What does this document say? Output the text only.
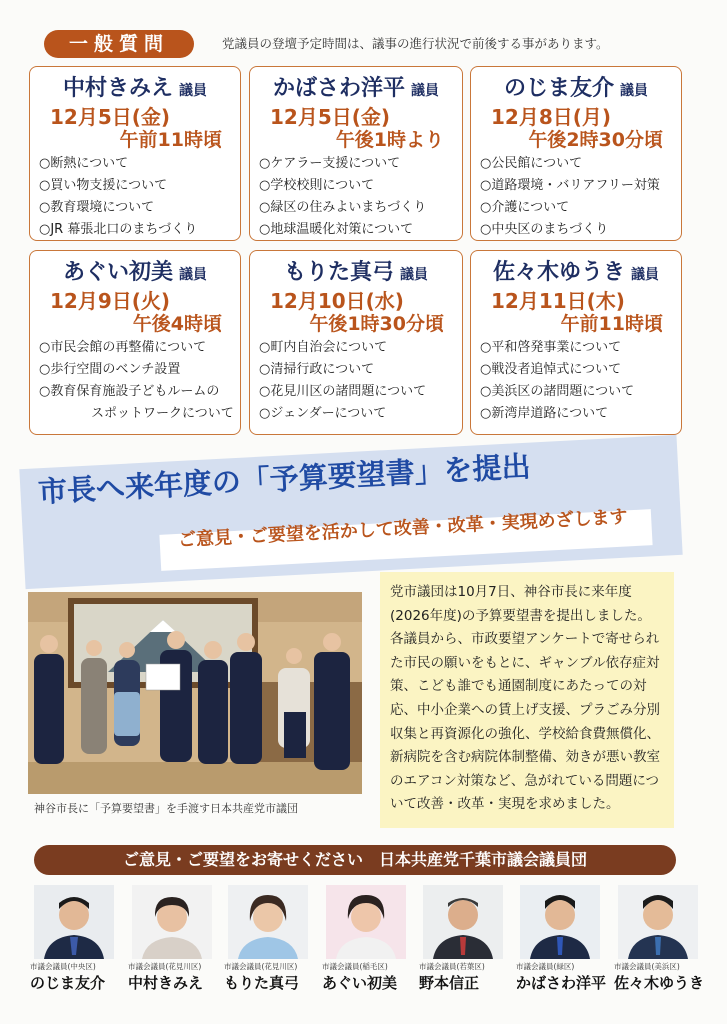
一般質問	党議員の登壇予定時間は、議事の進行状況で前後する事があります。
中村きみえ 議員
12月5日(金)
午前11時頃
○断熱について
○買い物支援について
○教育環境について
○JR 幕張北口のまちづくり
かばさわ洋平 議員
12月5日(金)
午後1時より
○ケアラー支援について
○学校校則について
○緑区の住みよいまちづくり
○地球温暖化対策について
のじま友介 議員
12月8日(月)
午後2時30分頃
○公民館について
○道路環境・バリアフリー対策
○介護について
○中央区のまちづくり
あぐい初美 議員
12月9日(火)
午後4時頃
○市民会館の再整備について
○歩行空間のベンチ設置
○教育保育施設子どもルームの
　　　　スポットワークについて
もりた真弓 議員
12月10日(水)
午後1時30分頃
○町内自治会について
○清掃行政について
○花見川区の諸問題について
○ジェンダーについて
佐々木ゆうき 議員
12月11日(木)
午前11時頃
○平和啓発事業について
○戦没者追悼式について
○美浜区の諸問題について
○新湾岸道路について
市長へ来年度の「予算要望書」を提出
ご意見・ご要望を活かして改善・改革・実現めざします
神谷市長に「予算要望書」を手渡す日本共産党市議団
党市議団は10月7日、神谷市長に来年度(2026年度)の予算要望書を提出しました。各議員から、市政要望アンケートで寄せられた市民の願いをもとに、ギャンブル依存症対策、こども誰でも通園制度にあたっての対応、中小企業への賃上げ支援、プラごみ分別収集と再資源化の強化、学校給食費無償化、新病院を含む病院体制整備、効きが悪い教室のエアコン対策など、急がれている問題について改善・改革・実現を求めました。
ご意見・ご要望をお寄せください　日本共産党千葉市議会議員団
市議会議員(中央区)
のじま友介
市議会議員(花見川区)
中村きみえ
市議会議員(花見川区)
もりた真弓
市議会議員(稲毛区)
あぐい初美
市議会議員(若葉区)
野本信正
市議会議員(緑区)
かばさわ洋平
市議会議員(美浜区)
佐々木ゆうき
